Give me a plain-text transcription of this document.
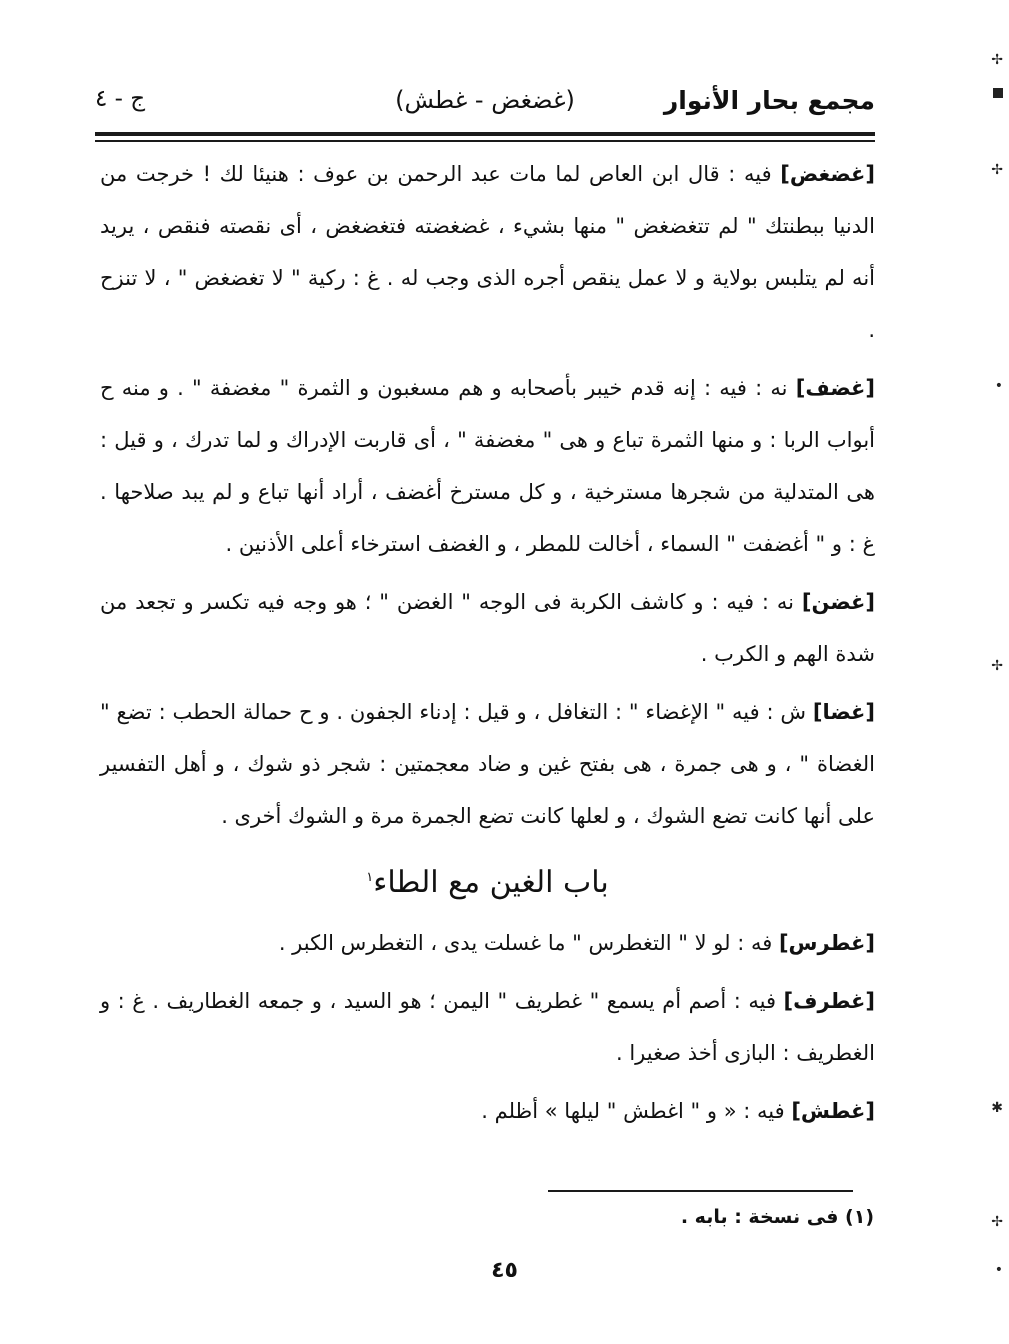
مجمع بحار الأنوار
(غضغض - غطش)
ج - ٤

[غضغض] فيه : قال ابن العاص لما مات عبد الرحمن بن عوف : هنيئا لك ! خرجت من الدنيا ببطنتك " لم تتغضغض " منها بشيء ، غضغضته فتغضغض ، أى نقصته فنقص ، يريد أنه لم يتلبس بولاية و لا عمل ينقص أجره الذى وجب له . غ : ركية " لا تغضغض " ، لا تنزح .

[غضف] نه : فيه : إنه قدم خيبر بأصحابه و هم مسغبون و الثمرة " مغضفة " . و منه ح أبواب الربا : و منها الثمرة تباع و هى " مغضفة " ، أى قاربت الإدراك و لما تدرك ، و قيل : هى المتدلية من شجرها مسترخية ، و كل مسترخ أغضف ، أراد أنها تباع و لم يبد صلاحها . غ : و " أغضفت " السماء ، أخالت للمطر ، و الغضف استرخاء أعلى الأذنين .

[غضن] نه : فيه : و كاشف الكربة فى الوجه " الغضن " ؛ هو وجه فيه تكسر و تجعد من شدة الهم و الكرب .

[غضا] ش : فيه " الإغضاء " : التغافل ، و قيل : إدناء الجفون . و ح حمالة الحطب : تضع " الغضاة " ، و هى جمرة ، هى بفتح غين و ضاد معجمتين : شجر ذو شوك ، و أهل التفسير على أنها كانت تضع الشوك ، و لعلها كانت تضع الجمرة مرة و الشوك أخرى .

باب الغين مع الطاء$^١$

[غطرس] فه : لو لا " التغطرس " ما غسلت يدى ، التغطرس الكبر .

[غطرف] فيه : أصم أم يسمع " غطريف " اليمن ؛ هو السيد ، و جمعه الغطاريف . غ : و الغطريف : البازى أخذ صغيرا .

[غطش] فيه : « و " اغطش " ليلها » أظلم .

(١) فى نسخة : بابه .
٤٥
✢
✢
•
✢
✱
✢
•
